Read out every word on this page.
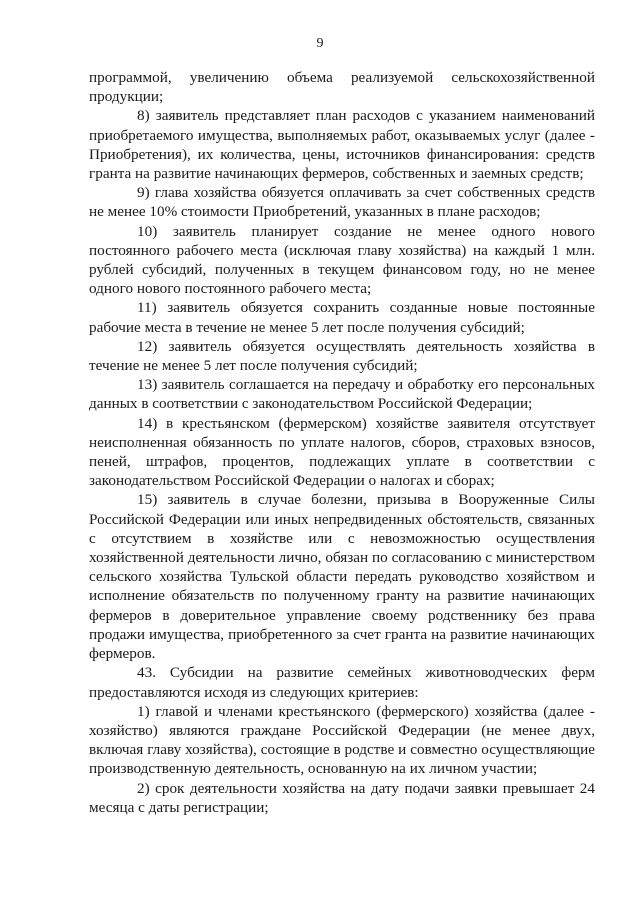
9

программой, увеличению объема реализуемой сельскохозяйственной продукции;

8) заявитель представляет план расходов с указанием наименований приобретаемого имущества, выполняемых работ, оказываемых услуг (далее - Приобретения), их количества, цены, источников финансирования: средств гранта на развитие начинающих фермеров, собственных и заемных средств;

9) глава хозяйства обязуется оплачивать за счет собственных средств не менее 10% стоимости Приобретений, указанных в плане расходов;

10) заявитель планирует создание не менее одного нового постоянного рабочего места (исключая главу хозяйства) на каждый 1 млн. рублей субсидий, полученных в текущем финансовом году, но не менее одного нового постоянного рабочего места;

11) заявитель обязуется сохранить созданные новые постоянные рабочие места в течение не менее 5 лет после получения субсидий;

12) заявитель обязуется осуществлять деятельность хозяйства в течение не менее 5 лет после получения субсидий;

13) заявитель соглашается на передачу и обработку его персональных данных в соответствии с законодательством Российской Федерации;

14) в крестьянском (фермерском) хозяйстве заявителя отсутствует неисполненная обязанность по уплате налогов, сборов, страховых взносов, пеней, штрафов, процентов, подлежащих уплате в соответствии с законодательством Российской Федерации о налогах и сборах;

15) заявитель в случае болезни, призыва в Вооруженные Силы Российской Федерации или иных непредвиденных обстоятельств, связанных с отсутствием в хозяйстве или с невозможностью осуществления хозяйственной деятельности лично, обязан по согласованию с министерством сельского хозяйства Тульской области передать руководство хозяйством и исполнение обязательств по полученному гранту на развитие начинающих фермеров в доверительное управление своему родственнику без права продажи имущества, приобретенного за счет гранта на развитие начинающих фермеров.

43. Субсидии на развитие семейных животноводческих ферм предоставляются исходя из следующих критериев:

1) главой и членами крестьянского (фермерского) хозяйства (далее - хозяйство) являются граждане Российской Федерации (не менее двух, включая главу хозяйства), состоящие в родстве и совместно осуществляющие производственную деятельность, основанную на их личном участии;

2) срок деятельности хозяйства на дату подачи заявки превышает 24 месяца с даты регистрации;
